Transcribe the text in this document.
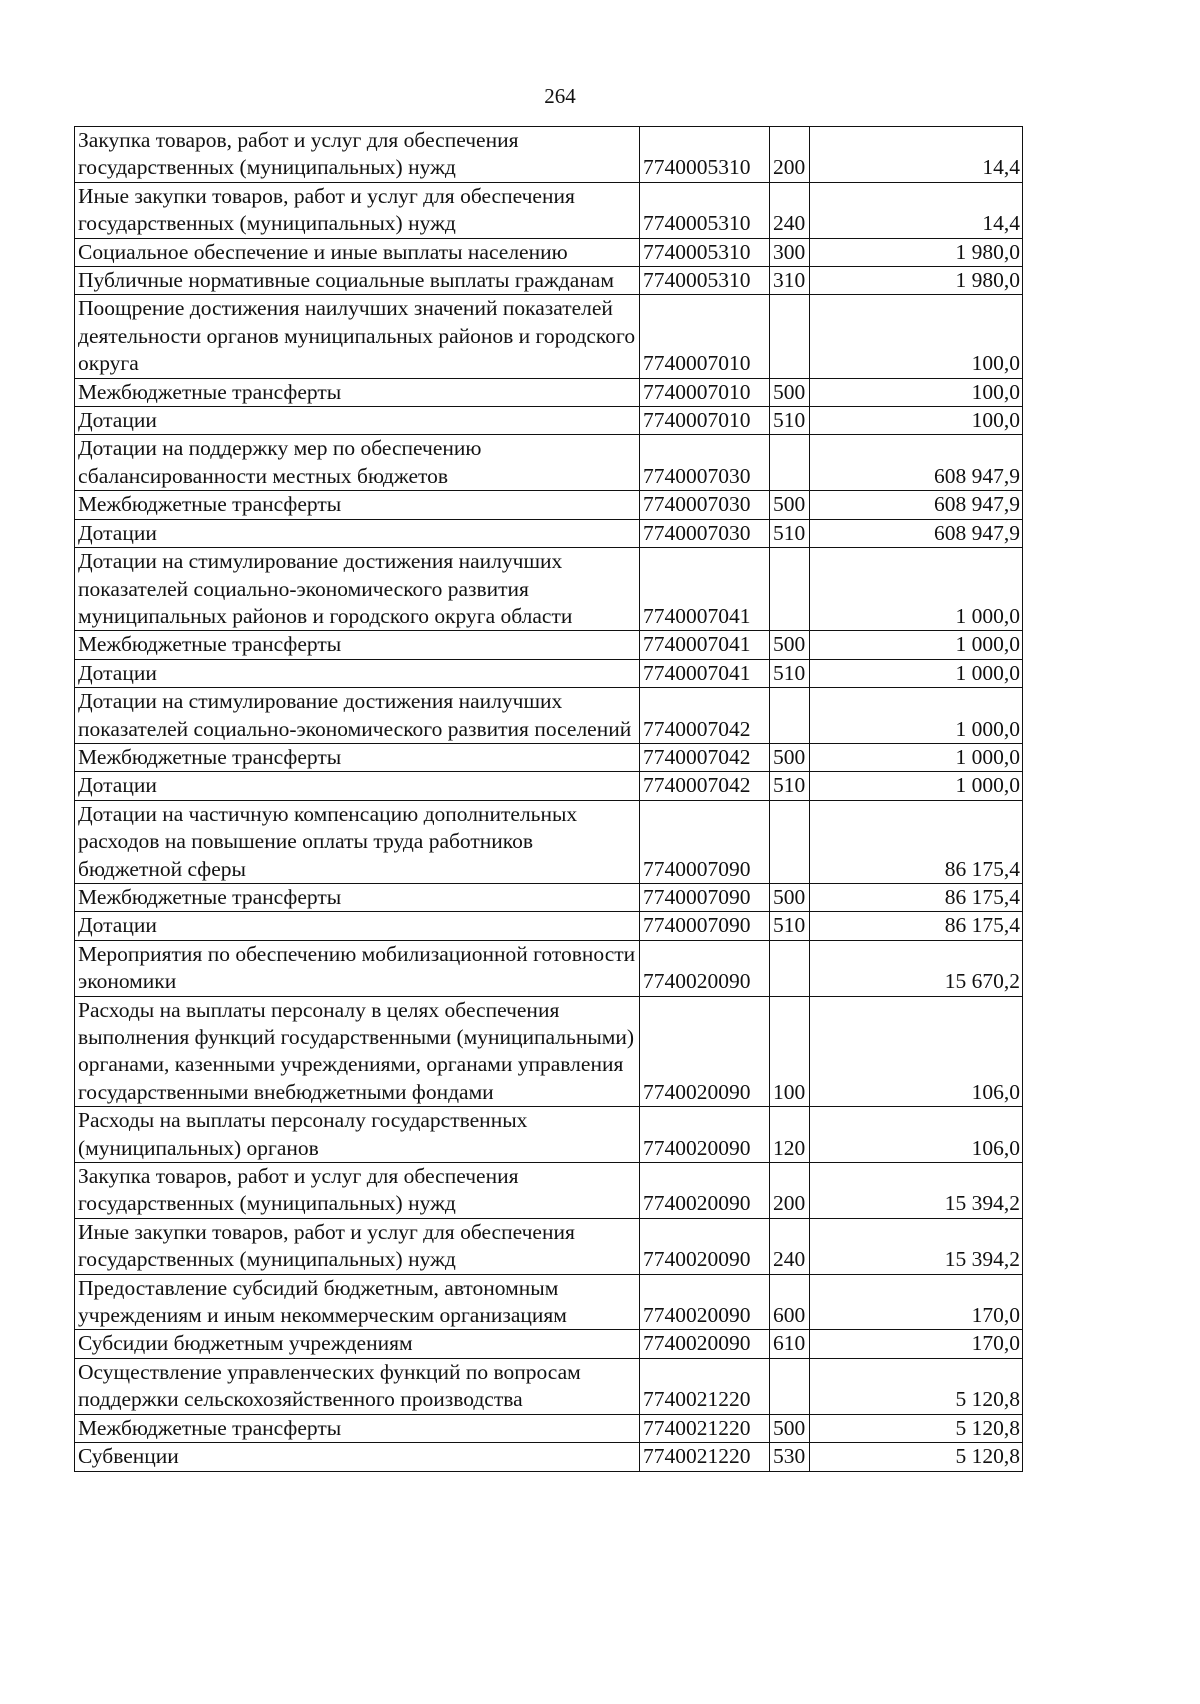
264
Закупка товаров, работ и услуг для обеспечения государственных (муниципальных) нужд	7740005310	200	14,4
Иные закупки товаров, работ и услуг для обеспечения государственных (муниципальных) нужд	7740005310	240	14,4
Социальное обеспечение и иные выплаты населению	7740005310	300	1 980,0
Публичные нормативные социальные выплаты гражданам	7740005310	310	1 980,0
Поощрение достижения наилучших значений показателей деятельности органов муниципальных районов и городского округа	7740007010		100,0
Межбюджетные трансферты	7740007010	500	100,0
Дотации	7740007010	510	100,0
Дотации на поддержку мер по обеспечению сбалансированности местных бюджетов	7740007030		608 947,9
Межбюджетные трансферты	7740007030	500	608 947,9
Дотации	7740007030	510	608 947,9
Дотации на стимулирование достижения наилучших показателей социально-экономического развития муниципальных районов и городского округа области	7740007041		1 000,0
Межбюджетные трансферты	7740007041	500	1 000,0
Дотации	7740007041	510	1 000,0
Дотации на стимулирование достижения наилучших показателей социально-экономического развития поселений	7740007042		1 000,0
Межбюджетные трансферты	7740007042	500	1 000,0
Дотации	7740007042	510	1 000,0
Дотации на частичную компенсацию дополнительных расходов на повышение оплаты труда работников бюджетной сферы	7740007090		86 175,4
Межбюджетные трансферты	7740007090	500	86 175,4
Дотации	7740007090	510	86 175,4
Мероприятия по обеспечению мобилизационной готовности экономики	7740020090		15 670,2
Расходы на выплаты персоналу в целях обеспечения выполнения функций государственными (муниципальными) органами, казенными учреждениями, органами управления государственными внебюджетными фондами	7740020090	100	106,0
Расходы на выплаты персоналу государственных (муниципальных) органов	7740020090	120	106,0
Закупка товаров, работ и услуг для обеспечения государственных (муниципальных) нужд	7740020090	200	15 394,2
Иные закупки товаров, работ и услуг для обеспечения государственных (муниципальных) нужд	7740020090	240	15 394,2
Предоставление субсидий бюджетным, автономным учреждениям и иным некоммерческим организациям	7740020090	600	170,0
Субсидии бюджетным учреждениям	7740020090	610	170,0
Осуществление управленческих функций по вопросам поддержки сельскохозяйственного производства	7740021220		5 120,8
Межбюджетные трансферты	7740021220	500	5 120,8
Субвенции	7740021220	530	5 120,8
